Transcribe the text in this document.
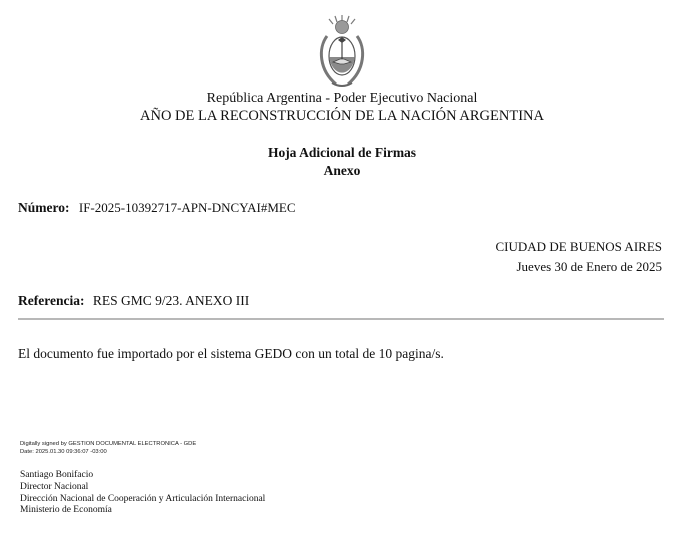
República Argentina - Poder Ejecutivo Nacional
AÑO DE LA RECONSTRUCCIÓN DE LA NACIÓN ARGENTINA
Hoja Adicional de Firmas
Anexo
Número: IF-2025-10392717-APN-DNCYAI#MEC
CIUDAD DE BUENOS AIRES
Jueves 30 de Enero de 2025
Referencia: RES GMC 9/23. ANEXO III
El documento fue importado por el sistema GEDO con un total de 10 pagina/s.
Digitally signed by GESTION DOCUMENTAL ELECTRONICA - GDE
Date: 2025.01.30 09:36:07 -03:00
Santiago Bonifacio
Director Nacional
Dirección Nacional de Cooperación y Articulación Internacional
Ministerio de Economía
